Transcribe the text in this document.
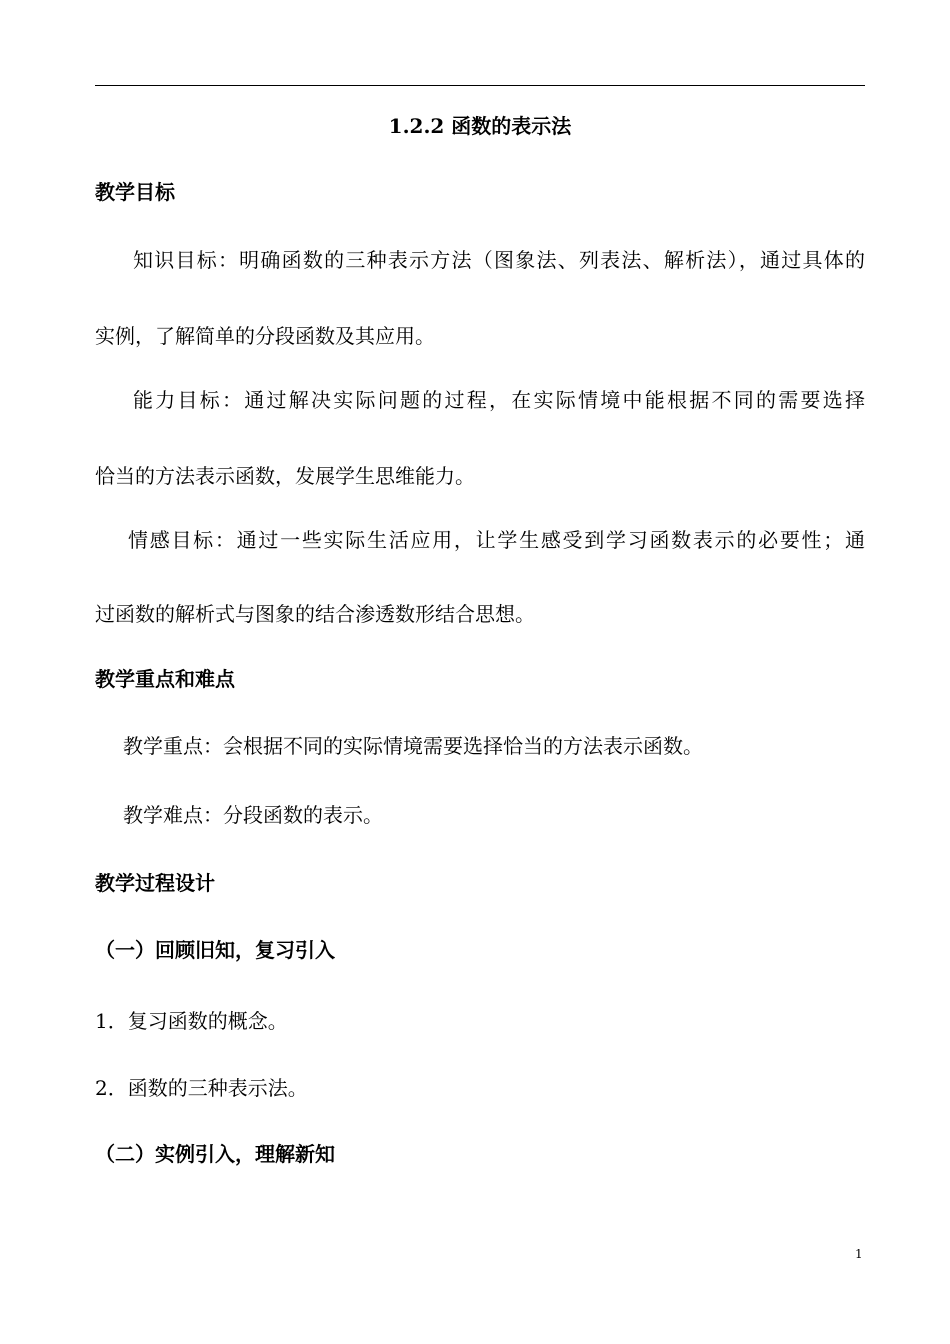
1.2.2 函数的表示法
教学目标
知识目标：明确函数的三种表示方法（图象法、列表法、解析法），通过具体的
实例，了解简单的分段函数及其应用。
能力目标：通过解决实际问题的过程，在实际情境中能根据不同的需要选择
恰当的方法表示函数，发展学生思维能力。
情感目标：通过一些实际生活应用，让学生感受到学习函数表示的必要性；通
过函数的解析式与图象的结合渗透数形结合思想。
教学重点和难点
教学重点：会根据不同的实际情境需要选择恰当的方法表示函数。
教学难点：分段函数的表示。
教学过程设计
（一）回顾旧知，复习引入
1．复习函数的概念。
2．函数的三种表示法。
（二）实例引入，理解新知
1
